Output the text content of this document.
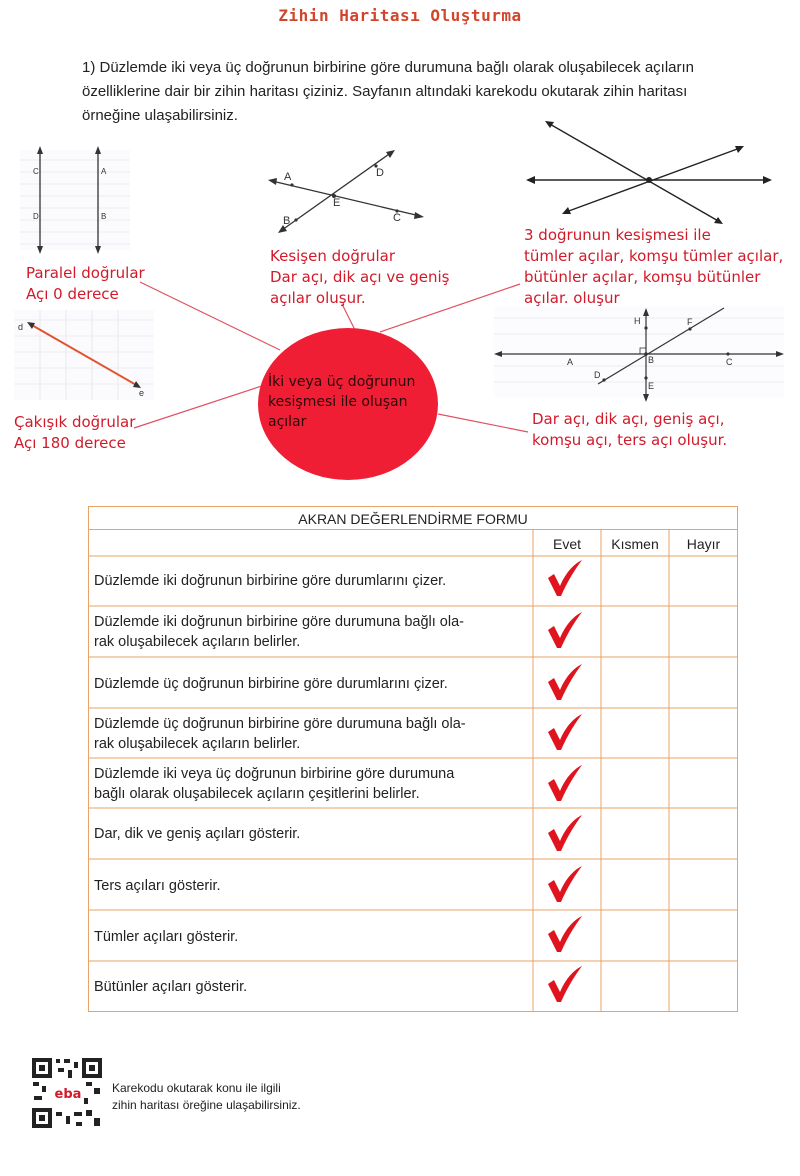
Zihin Haritası Oluşturma
1) Düzlemde iki veya üç doğrunun birbirine göre durumuna bağlı olarak oluşabilecek açıların özelliklerine dair bir zihin haritası çiziniz. Sayfanın altındaki karekodu okutarak zihin haritası örneğine ulaşabilirsiniz.
C	A
D	B
A	D
E
B	C
d
e
H	F
A	B	C
D
E
Paralel doğrular
Açı 0 derece
Çakışık doğrular
Açı 180 derece
Kesişen doğrular
Dar açı, dik açı ve geniş
açılar oluşur.
3 doğrunun kesişmesi ile
tümler açılar, komşu tümler açılar,
bütünler açılar, komşu bütünler
açılar. oluşur
Dar açı, dik açı, geniş açı,
komşu açı, ters açı oluşur.
İki veya üç doğrunun kesişmesi ile oluşan açılar
AKRAN DEĞERLENDİRME FORMU
Evet	Kısmen	Hayır
Düzlemde iki doğrunun birbirine göre durumlarını çizer.
Düzlemde iki doğrunun birbirine göre durumuna bağlı ola-
rak oluşabilecek açıların belirler.
Düzlemde üç doğrunun birbirine göre durumlarını çizer.
Düzlemde üç doğrunun birbirine göre durumuna bağlı ola-
rak oluşabilecek açıların belirler.
Düzlemde iki veya üç doğrunun birbirine göre durumuna
bağlı olarak oluşabilecek açıların çeşitlerini belirler.
Dar, dik ve geniş açıları gösterir.
Ters açıları gösterir.
Tümler açıları gösterir.
Bütünler açıları gösterir.
eba	Karekodu okutarak konu ile ilgili
zihin haritası öreğine ulaşabilirsiniz.
